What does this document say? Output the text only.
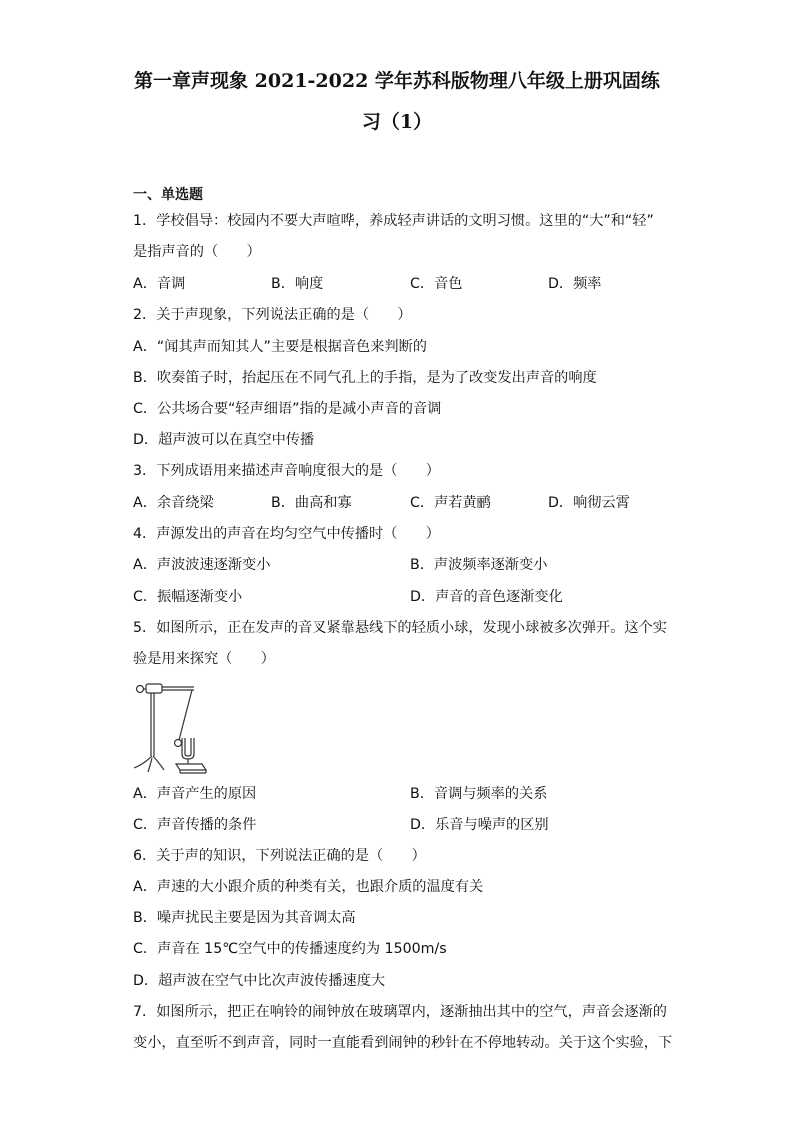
第一章声现象 2021-2022 学年苏科版物理八年级上册巩固练
习（1）
一、单选题
1．学校倡导：校园内不要大声喧哗，养成轻声讲话的文明习惯。这里的“大”和“轻”
是指声音的（　　）
A．音调	B．响度	C．音色	D．频率
2．关于声现象，下列说法正确的是（　　）
A．“闻其声而知其人”主要是根据音色来判断的
B．吹奏笛子时，抬起压在不同气孔上的手指，是为了改变发出声音的响度
C．公共场合要“轻声细语”指的是减小声音的音调
D．超声波可以在真空中传播
3．下列成语用来描述声音响度很大的是（　　）
A．余音绕梁	B．曲高和寡	C．声若黄鹂	D．响彻云霄
4．声源发出的声音在均匀空气中传播时（　　）
A．声波波速逐渐变小	B．声波频率逐渐变小
C．振幅逐渐变小	D．声音的音色逐渐变化
5．如图所示，正在发声的音叉紧靠悬线下的轻质小球，发现小球被多次弹开。这个实
验是用来探究（　　）
A．声音产生的原因	B．音调与频率的关系
C．声音传播的条件	D．乐音与噪声的区别
6．关于声的知识，下列说法正确的是（　　）
A．声速的大小跟介质的种类有关，也跟介质的温度有关
B．噪声扰民主要是因为其音调太高
C．声音在 15℃空气中的传播速度约为 1500m/s
D．超声波在空气中比次声波传播速度大
7．如图所示，把正在响铃的闹钟放在玻璃罩内，逐渐抽出其中的空气，声音会逐渐的
变小，直至听不到声音，同时一直能看到闹钟的秒针在不停地转动。关于这个实验，下
